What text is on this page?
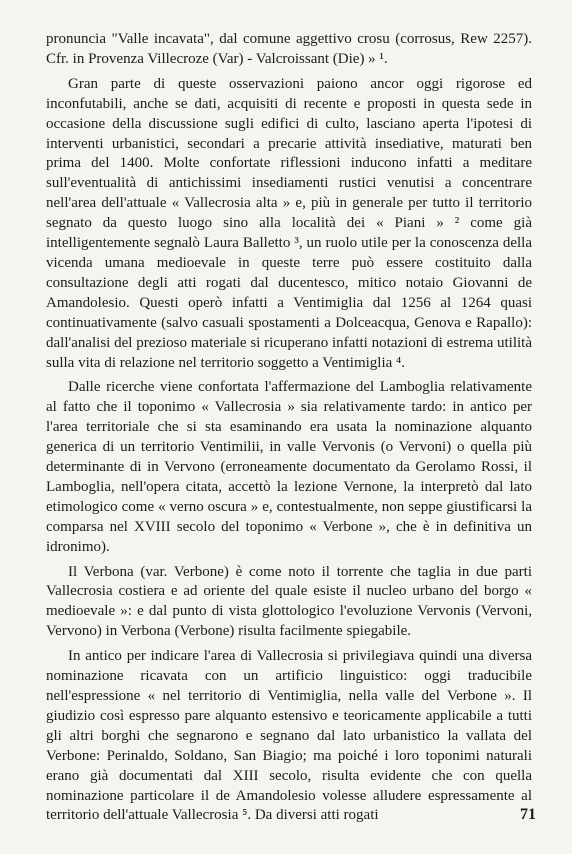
pronuncia "Valle incavata", dal comune aggettivo crosu (corrosus, Rew 2257). Cfr. in Provenza Villecroze (Var) - Valcroissant (Die) » ¹.

Gran parte di queste osservazioni paiono ancor oggi rigorose ed inconfutabili, anche se dati, acquisiti di recente e proposti in questa sede in occasione della discussione sugli edifici di culto, lasciano aperta l'ipotesi di interventi urbanistici, secondari a precarie attività insediative, maturati ben prima del 1400. Molte confortate riflessioni inducono infatti a meditare sull'eventualità di antichissimi insediamenti rustici venutisi a concentrare nell'area dell'attuale « Vallecrosia alta » e, più in generale per tutto il territorio segnato da questo luogo sino alla località dei « Piani » ² come già intelligentemente segnalò Laura Balletto ³, un ruolo utile per la conoscenza della vicenda umana medioevale in queste terre può essere costituito dalla consultazione degli atti rogati dal ducentesco, mitico notaio Giovanni de Amandolesio. Questi operò infatti a Ventimiglia dal 1256 al 1264 quasi continuativamente (salvo casuali spostamenti a Dolceacqua, Genova e Rapallo): dall'analisi del prezioso materiale si ricuperano infatti notazioni di estrema utilità sulla vita di relazione nel territorio soggetto a Ventimiglia ⁴.

Dalle ricerche viene confortata l'affermazione del Lamboglia relativamente al fatto che il toponimo « Vallecrosia » sia relativamente tardo: in antico per l'area territoriale che si sta esaminando era usata la nominazione alquanto generica di un territorio Ventimilii, in valle Vervonis (o Vervoni) o quella più determinante di in Vervono (erroneamente documentato da Gerolamo Rossi, il Lamboglia, nell'opera citata, accettò la lezione Vernone, la interpretò dal lato etimologico come « verno oscura » e, contestualmente, non seppe giustificarsi la comparsa nel XVIII secolo del toponimo « Verbone », che è in definitiva un idronimo).

Il Verbona (var. Verbone) è come noto il torrente che taglia in due parti Vallecrosia costiera e ad oriente del quale esiste il nucleo urbano del borgo « medioevale »: e dal punto di vista glottologico l'evoluzione Vervonis (Vervoni, Vervono) in Verbona (Verbone) risulta facilmente spiegabile.

In antico per indicare l'area di Vallecrosia si privilegiava quindi una diversa nominazione ricavata con un artificio linguistico: oggi traducibile nell'espressione « nel territorio di Ventimiglia, nella valle del Verbone ». Il giudizio così espresso pare alquanto estensivo e teoricamente applicabile a tutti gli altri borghi che segnarono e segnano dal lato urbanistico la vallata del Verbone: Perinaldo, Soldano, San Biagio; ma poiché i loro toponimi naturali erano già documentati dal XIII secolo, risulta evidente che con quella nominazione particolare il de Amandolesio volesse alludere espressamente al territorio dell'attuale Vallecrosia ⁵. Da diversi atti rogati	71
